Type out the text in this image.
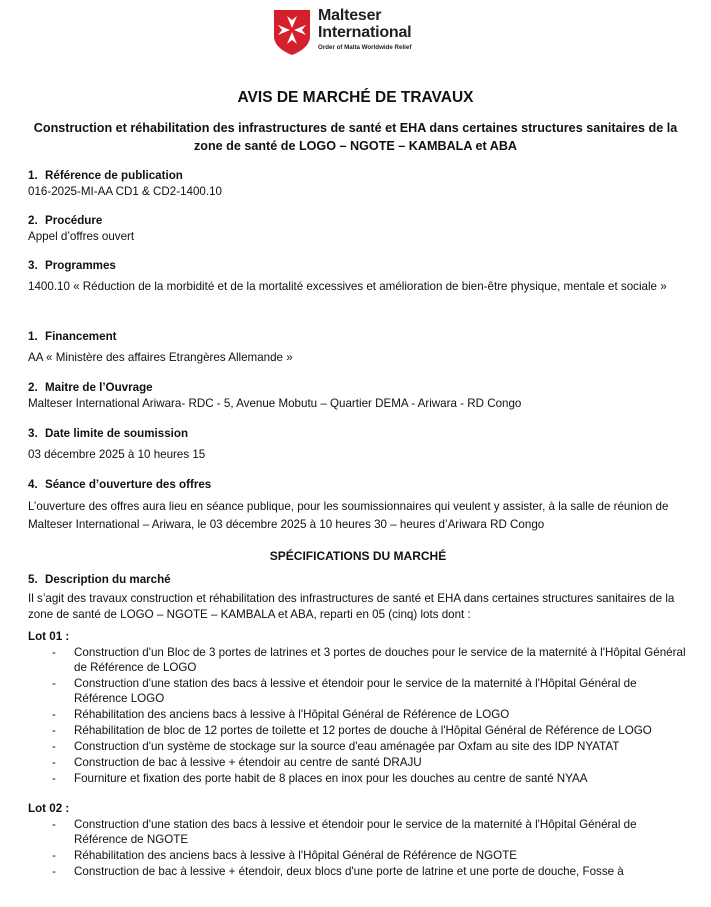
Malteser
International
Order of Malta Worldwide Relief
AVIS DE MARCHÉ DE TRAVAUX

Construction et réhabilitation des infrastructures de santé et EHA dans certaines structures sanitaires de la zone de santé de LOGO – NGOTE – KAMBALA et ABA

1. Référence de publication

016-2025-MI-AA CD1 & CD2-1400.10

2. Procédure

Appel d’offres ouvert

3. Programmes

1400.10 « Réduction de la morbidité et de la mortalité excessives et amélioration de bien-être physique, mentale et sociale »

1. Financement

AA « Ministère des affaires Etrangères Allemande »

2. Maitre de l’Ouvrage

Malteser International Ariwara- RDC - 5, Avenue Mobutu – Quartier DEMA - Ariwara - RD Congo

3. Date limite de soumission

03 décembre 2025 à 10 heures 15

4. Séance d’ouverture des offres

L’ouverture des offres aura lieu en séance publique, pour les soumissionnaires qui veulent y assister, à la salle de réunion de Malteser International – Ariwara, le 03 décembre 2025 à 10 heures 30 – heures d’Ariwara RD Congo

SPÉCIFICATIONS DU MARCHÉ

5. Description du marché

Il s’agit des travaux construction et réhabilitation des infrastructures de santé et EHA dans certaines structures sanitaires de la zone de santé de LOGO – NGOTE – KAMBALA et ABA, reparti en 05 (cinq) lots dont :

Lot 01 :

- Construction d'un Bloc de 3 portes de latrines et 3 portes de douches pour le service de la maternité à l'Hôpital Général de Référence de LOGO
- Construction d'une station des bacs à lessive et étendoir pour le service de la maternité à l'Hôpital Général de Référence LOGO
- Réhabilitation des anciens bacs à lessive à l'Hôpital Général de Référence de LOGO
- Réhabilitation de bloc de 12 portes de toilette et 12 portes de douche à l'Hôpital Général de Référence de LOGO
- Construction d'un système de stockage sur la source d'eau aménagée par Oxfam au site des IDP NYATAT
- Construction de bac à lessive + étendoir au centre de santé DRAJU
- Fourniture et fixation des porte habit de 8 places en inox pour les douches au centre de santé NYAA

Lot 02 :

- Construction d'une station des bacs à lessive et étendoir pour le service de la maternité à l'Hôpital Général de Référence de NGOTE
- Réhabilitation des anciens bacs à lessive à l'Hôpital Général de Référence de NGOTE
- Construction de bac à lessive + étendoir, deux blocs d'une porte de latrine et une porte de douche, Fosse à
